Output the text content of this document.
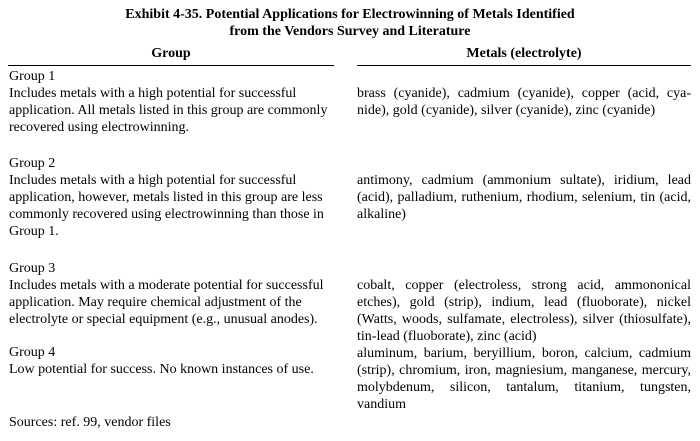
Exhibit 4-35. Potential Applications for Electrowinning of Metals Identified
from the Vendors Survey and Literature
Group	Metals (electrolyte)
Group 1
Includes metals with a high potential for successful application. All metals listed in this group are commonly recovered using electrowinning.
brass (cyanide), cadmium (cyanide), copper (acid, cya-nide), gold (cyanide), silver (cyanide), zinc (cyanide)
Group 2
Includes metals with a high potential for successful application, however, metals listed in this group are less commonly recovered using electrowinning than those in Group 1.
antimony, cadmium (ammonium sultate), iridium, lead (acid), palladium, ruthenium, rhodium, selenium, tin (acid, alkaline)
Group 3
Includes metals with a moderate potential for successful application. May require chemical adjustment of the electrolyte or special equipment (e.g., unusual anodes).
cobalt, copper (electroless, strong acid, ammononical etches), gold (strip), indium, lead (fluoborate), nickel (Watts, woods, sulfamate, electroless), silver (thiosulfate), tin-lead (fluoborate), zinc (acid)
Group 4
Low potential for success. No known instances of use.
aluminum, barium, beryillium, boron, calcium, cadmium (strip), chromium, iron, magniesium, manganese, mercury, molybdenum, silicon, tantalum, titanium, tungsten, vandium
Sources: ref. 99, vendor files
